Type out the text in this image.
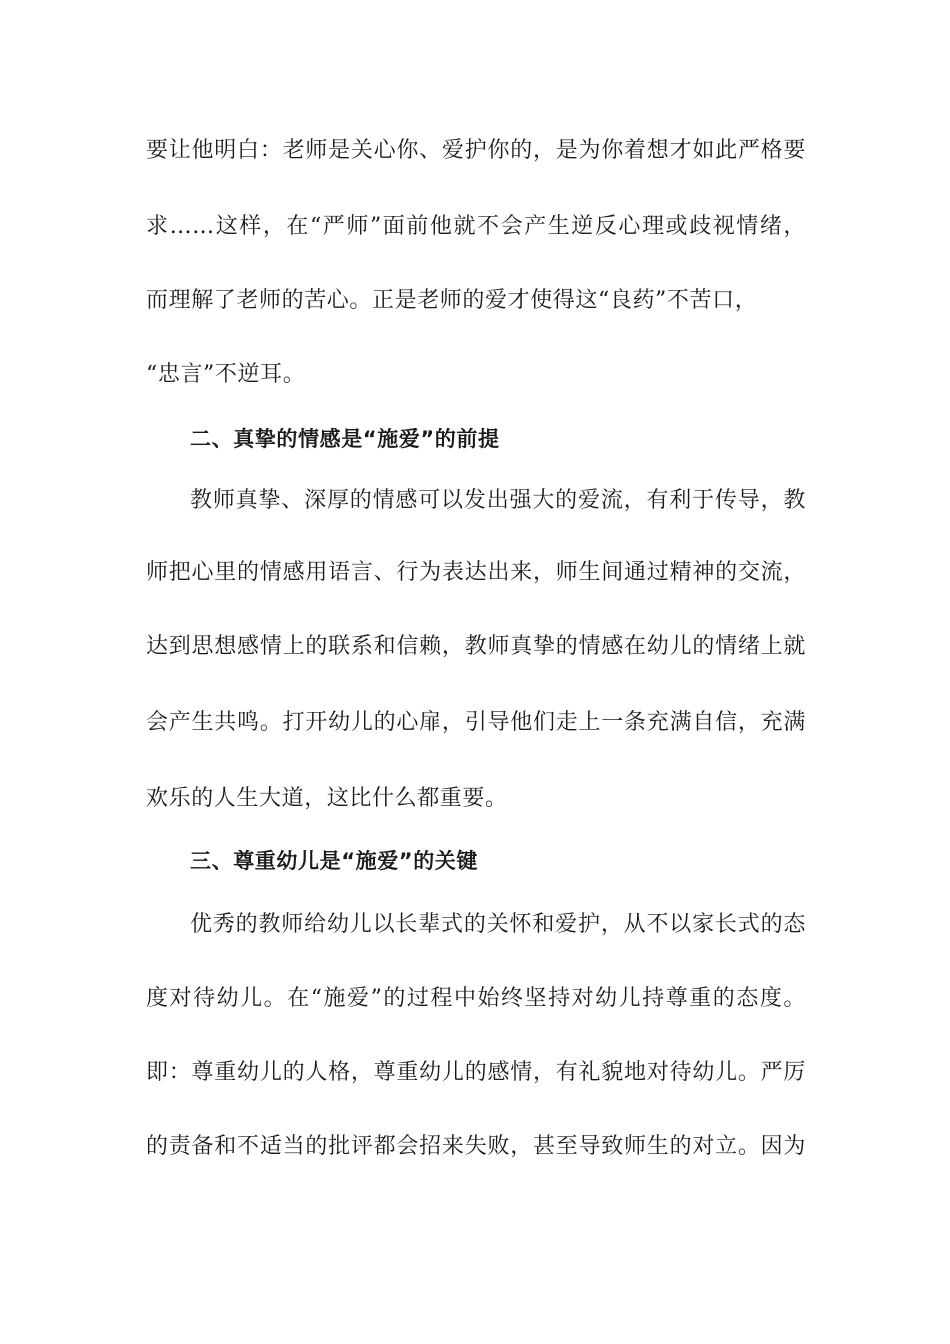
要让他明白：老师是关心你、爱护你的，是为你着想才如此严格要
求……这样，在“严师”面前他就不会产生逆反心理或歧视情绪，
而理解了老师的苦心。正是老师的爱才使得这“良药”不苦口，
“忠言”不逆耳。
二、真挚的情感是“施爱”的前提
教师真挚、深厚的情感可以发出强大的爱流，有利于传导，教
师把心里的情感用语言、行为表达出来，师生间通过精神的交流，
达到思想感情上的联系和信赖，教师真挚的情感在幼儿的情绪上就
会产生共鸣。打开幼儿的心扉，引导他们走上一条充满自信，充满
欢乐的人生大道，这比什么都重要。
三、尊重幼儿是“施爱”的关键
优秀的教师给幼儿以长辈式的关怀和爱护，从不以家长式的态
度对待幼儿。在“施爱”的过程中始终坚持对幼儿持尊重的态度。
即：尊重幼儿的人格，尊重幼儿的感情，有礼貌地对待幼儿。严厉
的责备和不适当的批评都会招来失败，甚至导致师生的对立。因为
